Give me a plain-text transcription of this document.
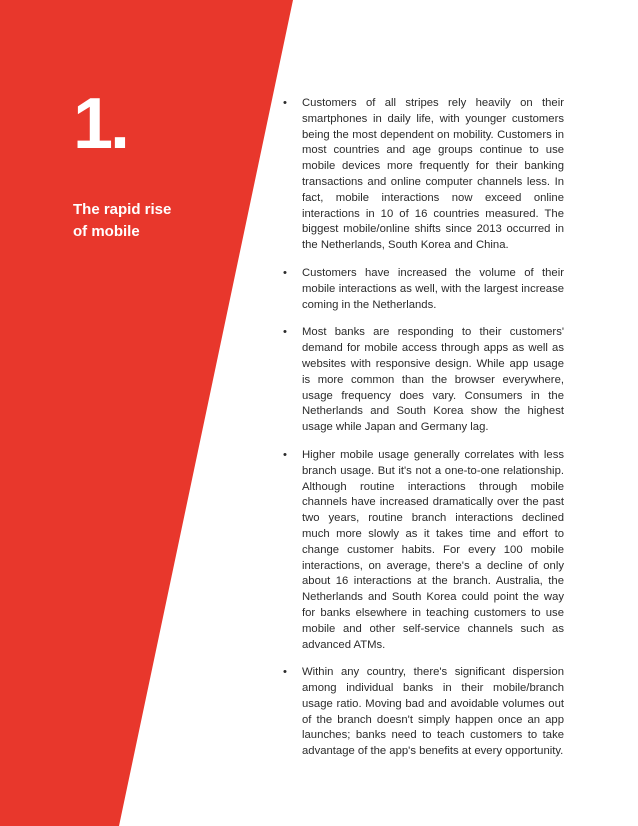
1.
The rapid rise
of mobile
• Customers of all stripes rely heavily on their smartphones in daily life, with younger customers being the most dependent on mobility. Customers in most countries and age groups continue to use mobile devices more frequently for their banking transactions and online computer channels less. In fact, mobile interactions now exceed online interactions in 10 of 16 countries measured. The biggest mobile/online shifts since 2013 occurred in the Netherlands, South Korea and China.
• Customers have increased the volume of their mobile interactions as well, with the largest increase coming in the Netherlands.
• Most banks are responding to their customers' demand for mobile access through apps as well as websites with responsive design. While app usage is more common than the browser everywhere, usage frequency does vary. Consumers in the Netherlands and South Korea show the highest usage while Japan and Germany lag.
• Higher mobile usage generally correlates with less branch usage. But it's not a one-to-one relationship. Although routine interactions through mobile channels have increased dramatically over the past two years, routine branch interactions declined much more slowly as it takes time and effort to change customer habits. For every 100 mobile interactions, on average, there's a decline of only about 16 interactions at the branch. Australia, the Netherlands and South Korea could point the way for banks elsewhere in teaching customers to use mobile and other self-service channels such as advanced ATMs.
• Within any country, there's significant dispersion among individual banks in their mobile/branch usage ratio. Moving bad and avoidable volumes out of the branch doesn't simply happen once an app launches; banks need to teach customers to take advantage of the app's benefits at every opportunity.
